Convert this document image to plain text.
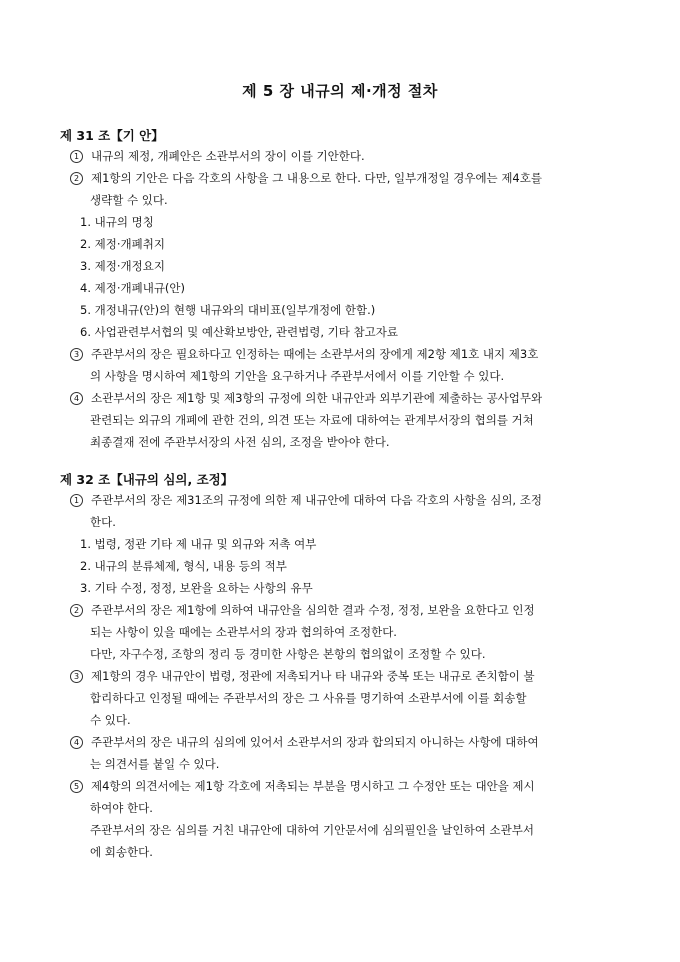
제 5 장 내규의 제·개정 절차
제 31 조【기 안】
1 내규의 제정, 개폐안은 소관부서의 장이 이를 기안한다.
2 제1항의 기안은 다음 각호의 사항을 그 내용으로 한다. 다만, 일부개정일 경우에는 제4호를
생략할 수 있다.
1. 내규의 명칭
2. 제정·개폐취지
3. 제정·개정요지
4. 제정·개폐내규(안)
5. 개정내규(안)의 현행 내규와의 대비표(일부개정에 한함.)
6. 사업관련부서협의 및 예산확보방안, 관련법령, 기타 참고자료
3 주관부서의 장은 필요하다고 인정하는 때에는 소관부서의 장에게 제2항 제1호 내지 제3호
의 사항을 명시하여 제1항의 기안을 요구하거나 주관부서에서 이를 기안할 수 있다.
4 소관부서의 장은 제1항 및 제3항의 규정에 의한 내규안과 외부기관에 제출하는 공사업무와
관련되는 외규의 개폐에 관한 건의, 의견 또는 자료에 대하여는 관계부서장의 협의를 거쳐
최종결재 전에 주관부서장의 사전 심의, 조정을 받아야 한다.
제 32 조【내규의 심의, 조정】
1 주관부서의 장은 제31조의 규정에 의한 제 내규안에 대하여 다음 각호의 사항을 심의, 조정
한다.
1. 법령, 정관 기타 제 내규 및 외규와 저촉 여부
2. 내규의 분류체제, 형식, 내용 등의 적부
3. 기타 수정, 정정, 보완을 요하는 사항의 유무
2 주관부서의 장은 제1항에 의하여 내규안을 심의한 결과 수정, 정정, 보완을 요한다고 인정
되는 사항이 있을 때에는 소관부서의 장과 협의하여 조정한다.
다만, 자구수정, 조항의 정리 등 경미한 사항은 본항의 협의없이 조정할 수 있다.
3 제1항의 경우 내규안이 법령, 정관에 저촉되거나 타 내규와 중복 또는 내규로 존치함이 불
합리하다고 인정될 때에는 주관부서의 장은 그 사유를 명기하여 소관부서에 이를 회송할
수 있다.
4 주관부서의 장은 내규의 심의에 있어서 소관부서의 장과 합의되지 아니하는 사항에 대하여
는 의견서를 붙일 수 있다.
5 제4항의 의견서에는 제1항 각호에 저촉되는 부분을 명시하고 그 수정안 또는 대안을 제시
하여야 한다.
주관부서의 장은 심의를 거친 내규안에 대하여 기안문서에 심의필인을 날인하여 소관부서
에 회송한다.
